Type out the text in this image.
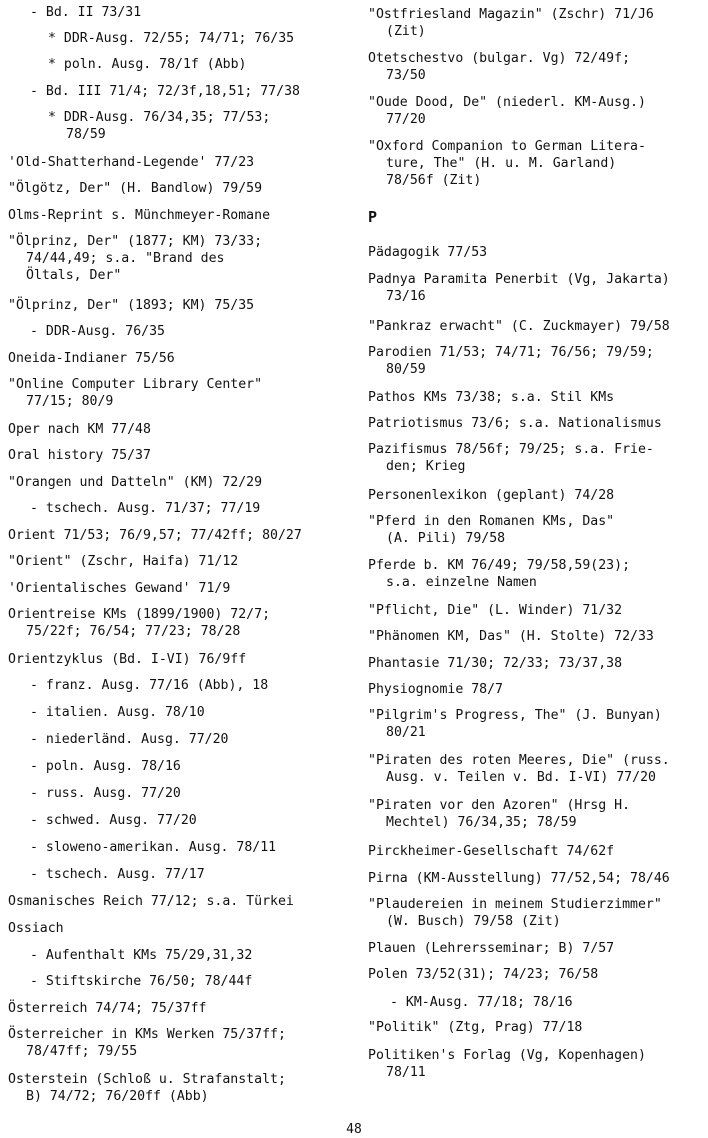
- Bd. II 73/31
* DDR-Ausg. 72/55; 74/71; 76/35
* poln. Ausg. 78/1f (Abb)
- Bd. III 71/4; 72/3f,18,51; 77/38
* DDR-Ausg. 76/34,35; 77/53;
78/59
'Old-Shatterhand-Legende' 77/23
"Ölgötz, Der" (H. Bandlow) 79/59
Olms-Reprint s. Münchmeyer-Romane
"Ölprinz, Der" (1877; KM) 73/33;
74/44,49; s.a. "Brand des
Öltals, Der"
"Ölprinz, Der" (1893; KM) 75/35
- DDR-Ausg. 76/35
Oneida-Indianer 75/56
"Online Computer Library Center"
77/15; 80/9
Oper nach KM 77/48
Oral history 75/37
"Orangen und Datteln" (KM) 72/29
- tschech. Ausg. 71/37; 77/19
Orient 71/53; 76/9,57; 77/42ff; 80/27
"Orient" (Zschr, Haifa) 71/12
'Orientalisches Gewand' 71/9
Orientreise KMs (1899/1900) 72/7;
75/22f; 76/54; 77/23; 78/28
Orientzyklus (Bd. I-VI) 76/9ff
- franz. Ausg. 77/16 (Abb), 18
- italien. Ausg. 78/10
- niederländ. Ausg. 77/20
- poln. Ausg. 78/16
- russ. Ausg. 77/20
- schwed. Ausg. 77/20
- sloweno-amerikan. Ausg. 78/11
- tschech. Ausg. 77/17
Osmanisches Reich 77/12; s.a. Türkei
Ossiach
- Aufenthalt KMs 75/29,31,32
- Stiftskirche 76/50; 78/44f
Österreich 74/74; 75/37ff
Österreicher in KMs Werken 75/37ff;
78/47ff; 79/55
Osterstein (Schloß u. Strafanstalt;
B) 74/72; 76/20ff (Abb)
"Ostfriesland Magazin" (Zschr) 71/J6
(Zit)
Otetschestvo (bulgar. Vg) 72/49f;
73/50
"Oude Dood, De" (niederl. KM-Ausg.)
77/20
"Oxford Companion to German Litera-
ture, The" (H. u. M. Garland)
78/56f (Zit)
Pädagogik 77/53
Padnya Paramita Penerbit (Vg, Jakarta)
73/16
"Pankraz erwacht" (C. Zuckmayer) 79/58
Parodien 71/53; 74/71; 76/56; 79/59;
80/59
Pathos KMs 73/38; s.a. Stil KMs
Patriotismus 73/6; s.a. Nationalismus
Pazifismus 78/56f; 79/25; s.a. Frie-
den; Krieg
Personenlexikon (geplant) 74/28
"Pferd in den Romanen KMs, Das"
(A. Pili) 79/58
Pferde b. KM 76/49; 79/58,59(23);
s.a. einzelne Namen
"Pflicht, Die" (L. Winder) 71/32
"Phänomen KM, Das" (H. Stolte) 72/33
Phantasie 71/30; 72/33; 73/37,38
Physiognomie 78/7
"Pilgrim's Progress, The" (J. Bunyan)
80/21
"Piraten des roten Meeres, Die" (russ.
Ausg. v. Teilen v. Bd. I-VI) 77/20
"Piraten vor den Azoren" (Hrsg H.
Mechtel) 76/34,35; 78/59
Pirckheimer-Gesellschaft 74/62f
Pirna (KM-Ausstellung) 77/52,54; 78/46
"Plaudereien in meinem Studierzimmer"
(W. Busch) 79/58 (Zit)
Plauen (Lehrersseminar; B) 7/57
Polen 73/52(31); 74/23; 76/58
- KM-Ausg. 77/18; 78/16
"Politik" (Ztg, Prag) 77/18
Politiken's Forlag (Vg, Kopenhagen)
78/11
P
48
